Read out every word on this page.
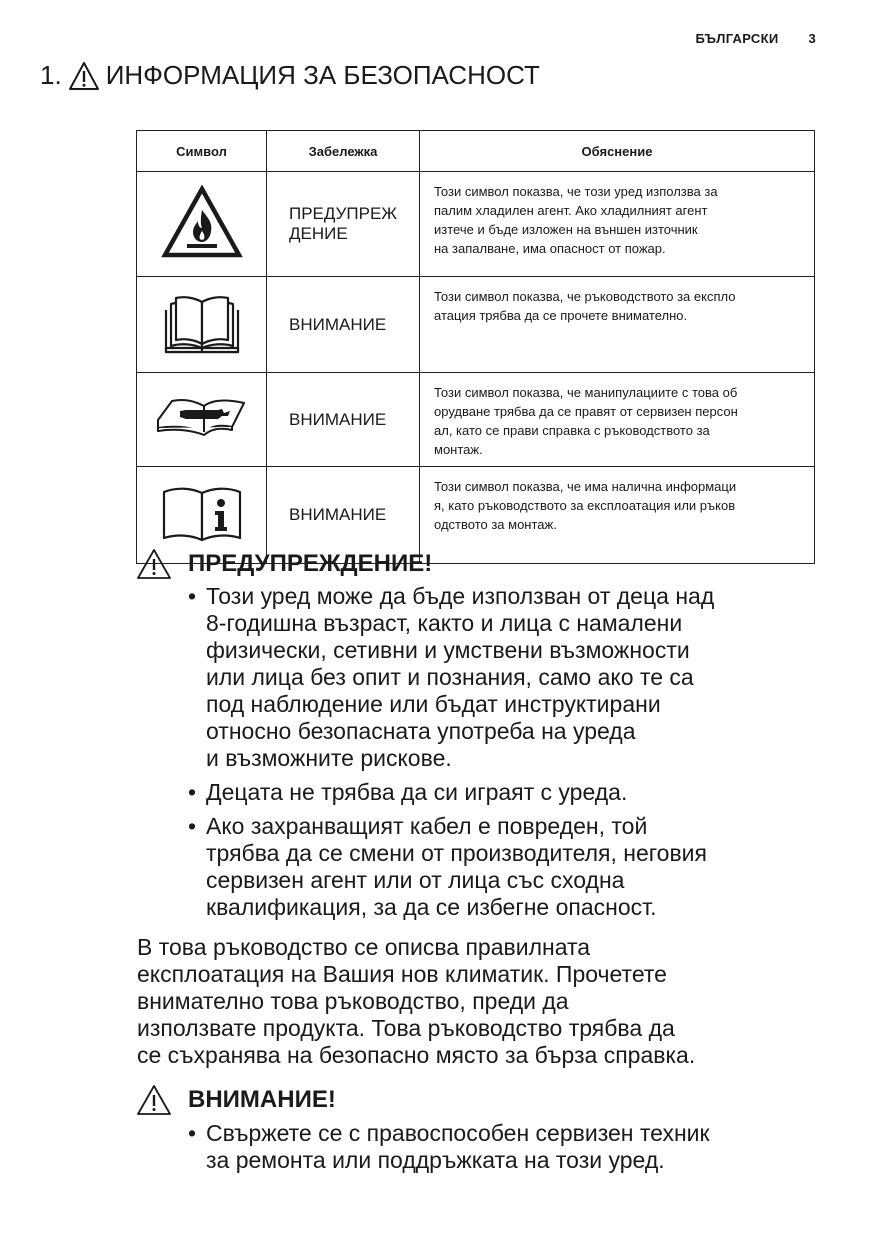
БЪЛГАРСКИ 3
1. ИНФОРМАЦИЯ ЗА БЕЗОПАСНОСТ
Символ	Забележка	Обяснение
	ПРЕДУПРЕЖ ДЕНИЕ	Този символ показва, че този уред използва за
палим хладилен агент. Ако хладилният агент
изтече и бъде изложен на външен източник
на запалване, има опасност от пожар.

	ВНИМАНИЕ	Този символ показва, че ръководството за експло
атация трябва да се прочете внимателно.

	ВНИМАНИЕ	Този символ показва, че манипулациите с това об
орудване трябва да се правят от сервизен персон
ал, като се прави справка с ръководството за
монтаж.

	ВНИМАНИЕ	Този символ показва, че има налична информаци
я, като ръководството за експлоатация или ръков
одството за монтаж.
ПРЕДУПРЕЖДЕНИЕ!
• Този уред може да бъде използван от деца над
8-годишна възраст, както и лица с намалени
физически, сетивни и умствени възможности
или лица без опит и познания, само ако те са
под наблюдение или бъдат инструктирани
относно безопасната употреба на уреда
и възможните рискове.
• Децата не трябва да си играят с уреда.
• Ако захранващият кабел е повреден, той
трябва да се смени от производителя, неговия
сервизен агент или от лица със сходна
квалификация, за да се избегне опасност.
В това ръководство се описва правилната
експлоатация на Вашия нов климатик. Прочетете
внимателно това ръководство, преди да
използвате продукта. Това ръководство трябва да
се съхранява на безопасно място за бърза справка.
ВНИМАНИЕ!
• Свържете се с правоспособен сервизен техник
за ремонта или поддръжката на този уред.
